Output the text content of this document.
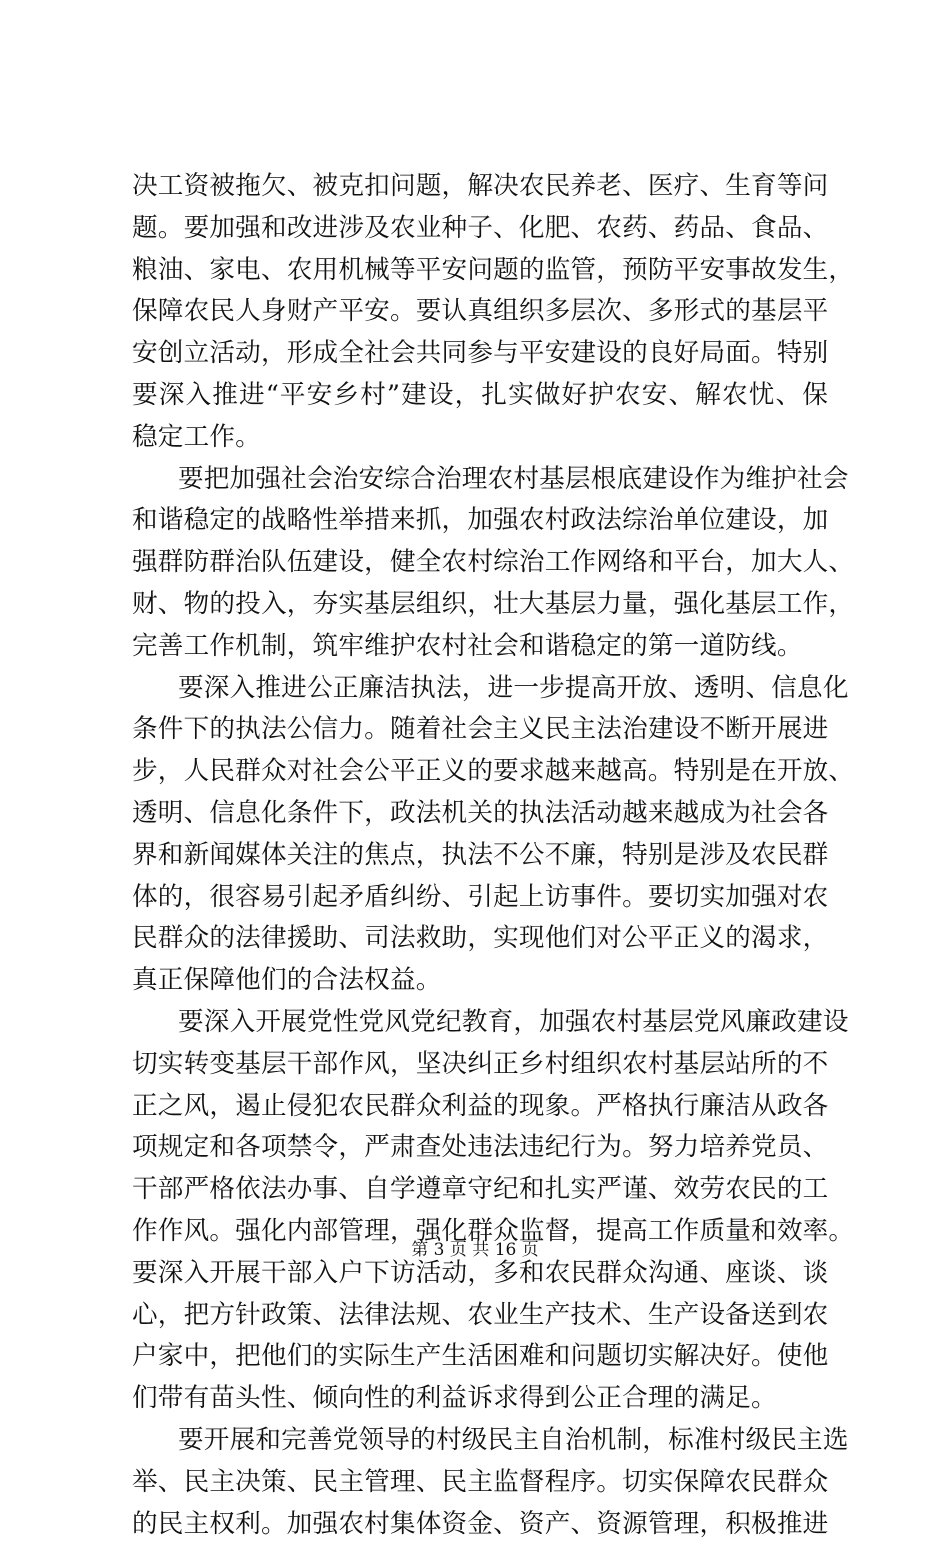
决工资被拖欠、被克扣问题，解决农民养老、医疗、生育等问
题。要加强和改进涉及农业种子、化肥、农药、药品、食品、
粮油、家电、农用机械等平安问题的监管，预防平安事故发生，
保障农民人身财产平安。要认真组织多层次、多形式的基层平
安创立活动，形成全社会共同参与平安建设的良好局面。特别
要深入推进“平安乡村”建设，扎实做好护农安、解农忧、保
稳定工作。
要把加强社会治安综合治理农村基层根底建设作为维护社会
和谐稳定的战略性举措来抓，加强农村政法综治单位建设，加
强群防群治队伍建设，健全农村综治工作网络和平台，加大人、
财、物的投入，夯实基层组织，壮大基层力量，强化基层工作，
完善工作机制，筑牢维护农村社会和谐稳定的第一道防线。
要深入推进公正廉洁执法，进一步提高开放、透明、信息化
条件下的执法公信力。随着社会主义民主法治建设不断开展进
步，人民群众对社会公平正义的要求越来越高。特别是在开放、
透明、信息化条件下，政法机关的执法活动越来越成为社会各
界和新闻媒体关注的焦点，执法不公不廉，特别是涉及农民群
体的，很容易引起矛盾纠纷、引起上访事件。要切实加强对农
民群众的法律援助、司法救助，实现他们对公平正义的渴求，
真正保障他们的合法权益。
要深入开展党性党风党纪教育，加强农村基层党风廉政建设
切实转变基层干部作风，坚决纠正乡村组织农村基层站所的不
正之风，遏止侵犯农民群众利益的现象。严格执行廉洁从政各
项规定和各项禁令，严肃查处违法违纪行为。努力培养党员、
干部严格依法办事、自学遵章守纪和扎实严谨、效劳农民的工
作作风。强化内部管理，强化群众监督，提高工作质量和效率。
要深入开展干部入户下访活动，多和农民群众沟通、座谈、谈
心，把方针政策、法律法规、农业生产技术、生产设备送到农
户家中，把他们的实际生产生活困难和问题切实解决好。使他
们带有苗头性、倾向性的利益诉求得到公正合理的满足。
要开展和完善党领导的村级民主自治机制，标准村级民主选
举、民主决策、民主管理、民主监督程序。切实保障农民群众
的民主权利。加强农村集体资金、资产、资源管理，积极推进
第 3 页 共 16 页
